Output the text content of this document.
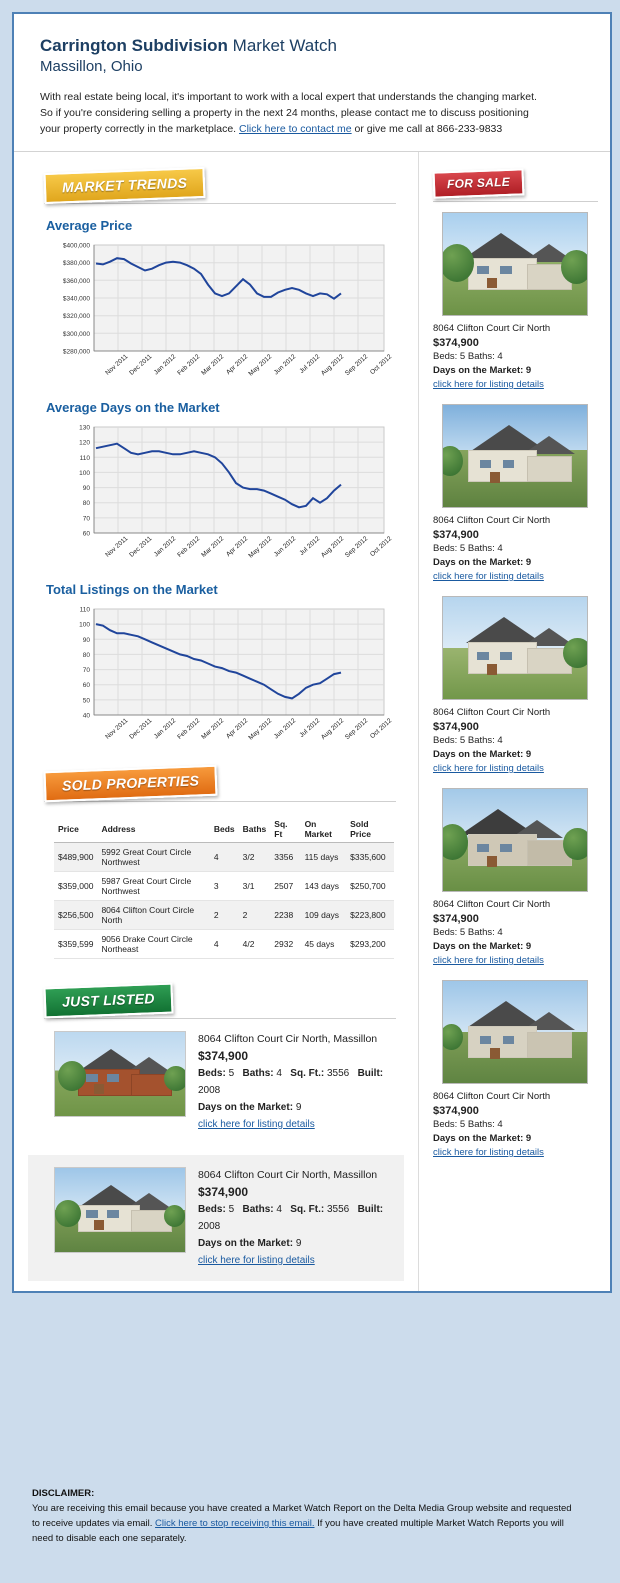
Carrington Subdivision Market Watch
Massillon, Ohio
With real estate being local, it's important to work with a local expert that understands the changing market.
So if you're considering selling a property in the next 24 months, please contact me to discuss positioning
your property correctly in the marketplace. Click here to contact me or give me call at 866-233-9833
MARKET TRENDS
Average Price
$400,000
$380,000
$360,000
$340,000
$320,000
$300,000
$280,000
Nov 2011
Dec 2011 Jan 2012
Feb 2012
Mar 2012 Apr 2012
May 2012 Jun 2012 Jul 2012
Aug 2012
Sep 2012 Oct 2012
Average Days on the Market
130
120
110
100
90
80
70
60
Nov 2011
Dec 2011 Jan 2012
Feb 2012
Mar 2012 Apr 2012
May 2012 Jun 2012 Jul 2012
Aug 2012
Sep 2012 Oct 2012
Total Listings on the Market
110
100
90
80
70
60
50
40
Nov 2011
Dec 2011 Jan 2012
Feb 2012
Mar 2012 Apr 2012
May 2012 Jun 2012 Jul 2012
Aug 2012
Sep 2012 Oct 2012
SOLD PROPERTIES
Price	Address	Beds	Baths	Sq. Ft	On Market	Sold Price
$489,900	5992 Great Court Circle Northwest	4	3/2	3356	115 days	$335,600
$359,000	5987 Great Court Circle Northwest	3	3/1	2507	143 days	$250,700
$256,500	8064 Clifton Court Circle North	2	2	2238	109 days	$223,800
$359,599	9056 Drake Court Circle Northeast	4	4/2	2932	45 days	$293,200
JUST LISTED
8064 Clifton Court Cir North, Massillon
$374,900
Beds: 5 Baths: 4 Sq. Ft.: 3556 Built: 2008
Days on the Market: 9
click here for listing details
8064 Clifton Court Cir North, Massillon
$374,900
Beds: 5 Baths: 4 Sq. Ft.: 3556 Built: 2008
Days on the Market: 9
click here for listing details
FOR SALE
8064 Clifton Court Cir North
$374,900
Beds: 5 Baths: 4
Days on the Market: 9
click here for listing details
8064 Clifton Court Cir North
$374,900
Beds: 5 Baths: 4
Days on the Market: 9
click here for listing details
8064 Clifton Court Cir North
$374,900
Beds: 5 Baths: 4
Days on the Market: 9
click here for listing details
8064 Clifton Court Cir North
$374,900
Beds: 5 Baths: 4
Days on the Market: 9
click here for listing details
8064 Clifton Court Cir North
$374,900
Beds: 5 Baths: 4
Days on the Market: 9
click here for listing details
DISCLAIMER:
You are receiving this email because you have created a Market Watch Report on the Delta Media Group website and requested
to receive updates via email. Click here to stop receiving this email. If you have created multiple Market Watch Reports you will
need to disable each one separately.
